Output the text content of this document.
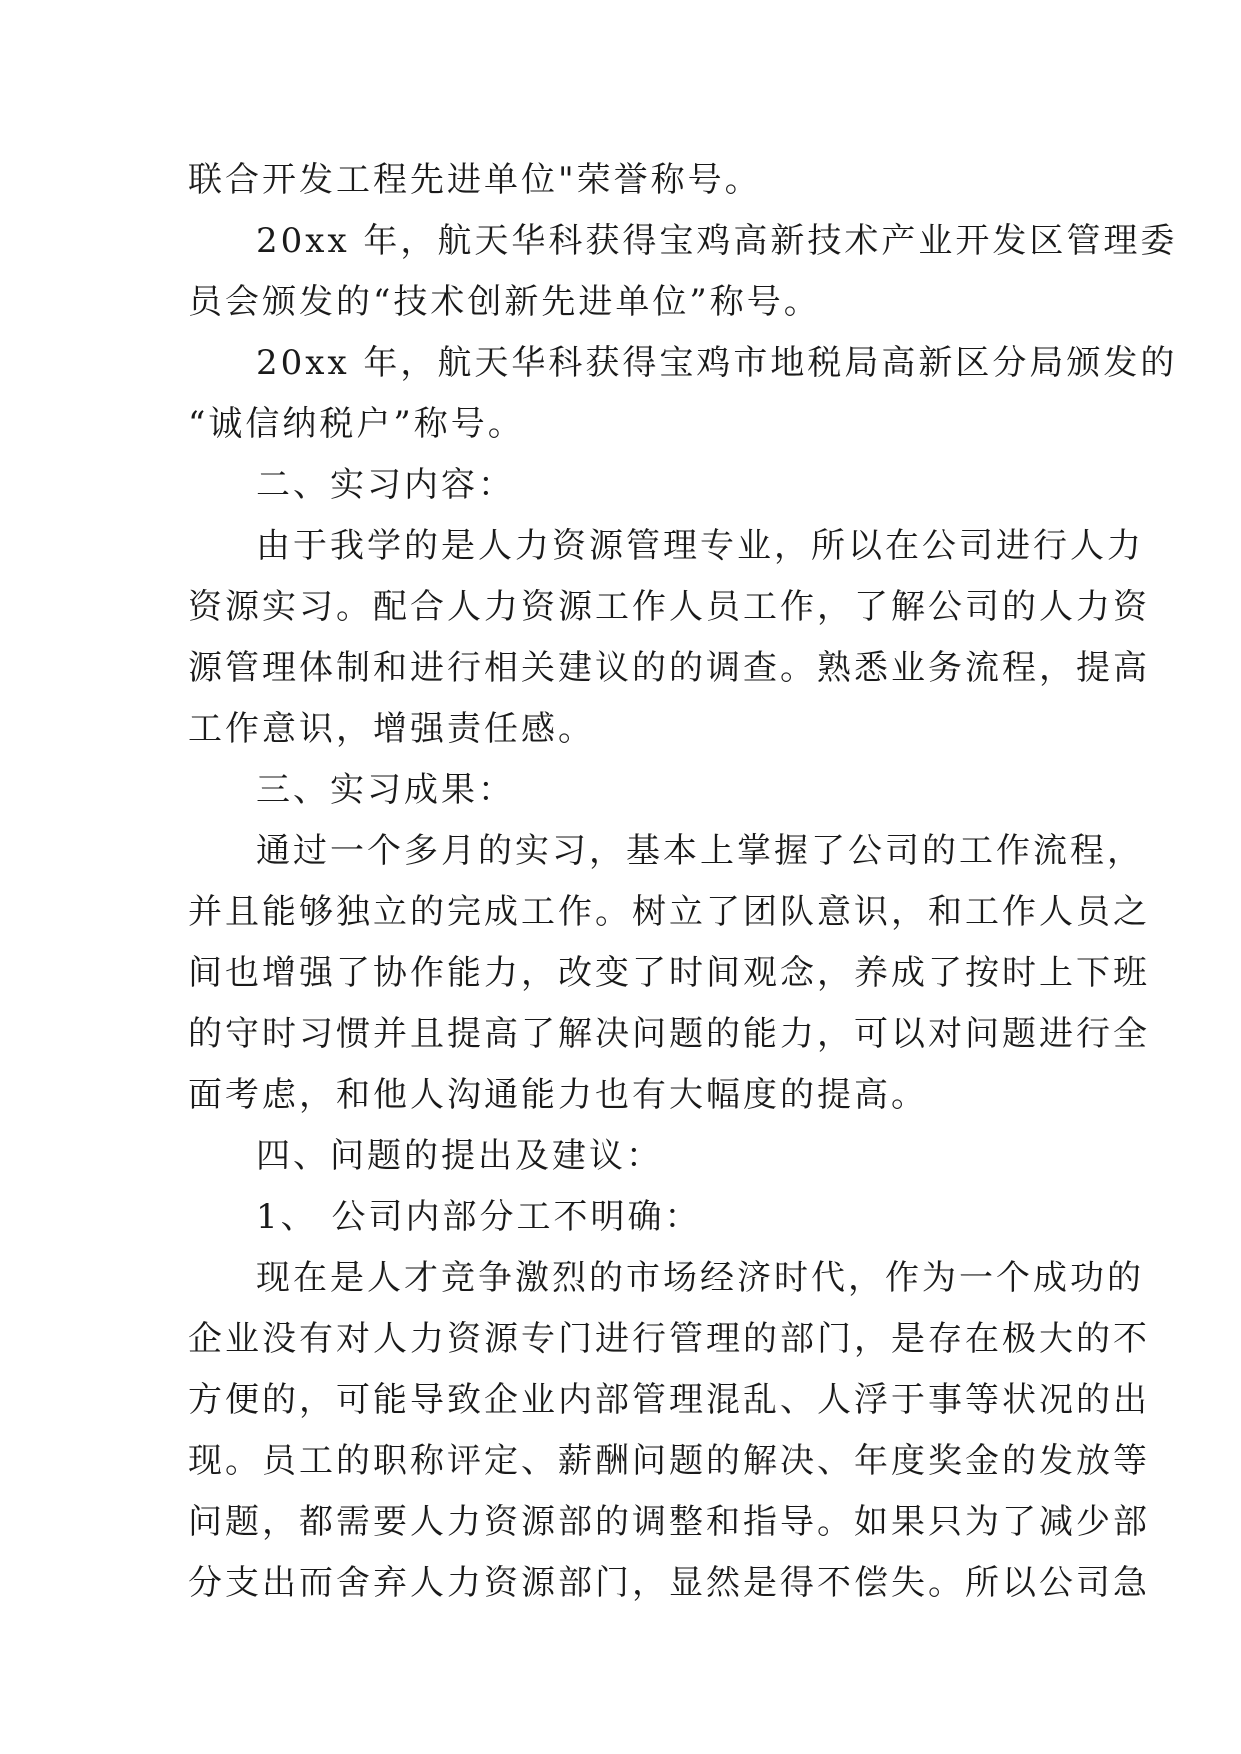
联合开发工程先进单位"荣誉称号。
20xx 年，航天华科获得宝鸡高新技术产业开发区管理委
员会颁发的“技术创新先进单位”称号。
20xx 年，航天华科获得宝鸡市地税局高新区分局颁发的
“诚信纳税户”称号。
二、实习内容：
由于我学的是人力资源管理专业，所以在公司进行人力
资源实习。配合人力资源工作人员工作，了解公司的人力资
源管理体制和进行相关建议的的调查。熟悉业务流程，提高
工作意识，增强责任感。
三、实习成果：
通过一个多月的实习，基本上掌握了公司的工作流程，
并且能够独立的完成工作。树立了团队意识，和工作人员之
间也增强了协作能力，改变了时间观念，养成了按时上下班
的守时习惯并且提高了解决问题的能力，可以对问题进行全
面考虑，和他人沟通能力也有大幅度的提高。
四、问题的提出及建议：
1、 公司内部分工不明确：
现在是人才竞争激烈的市场经济时代，作为一个成功的
企业没有对人力资源专门进行管理的部门，是存在极大的不
方便的，可能导致企业内部管理混乱、人浮于事等状况的出
现。员工的职称评定、薪酬问题的解决、年度奖金的发放等
问题，都需要人力资源部的调整和指导。如果只为了减少部
分支出而舍弃人力资源部门，显然是得不偿失。所以公司急
